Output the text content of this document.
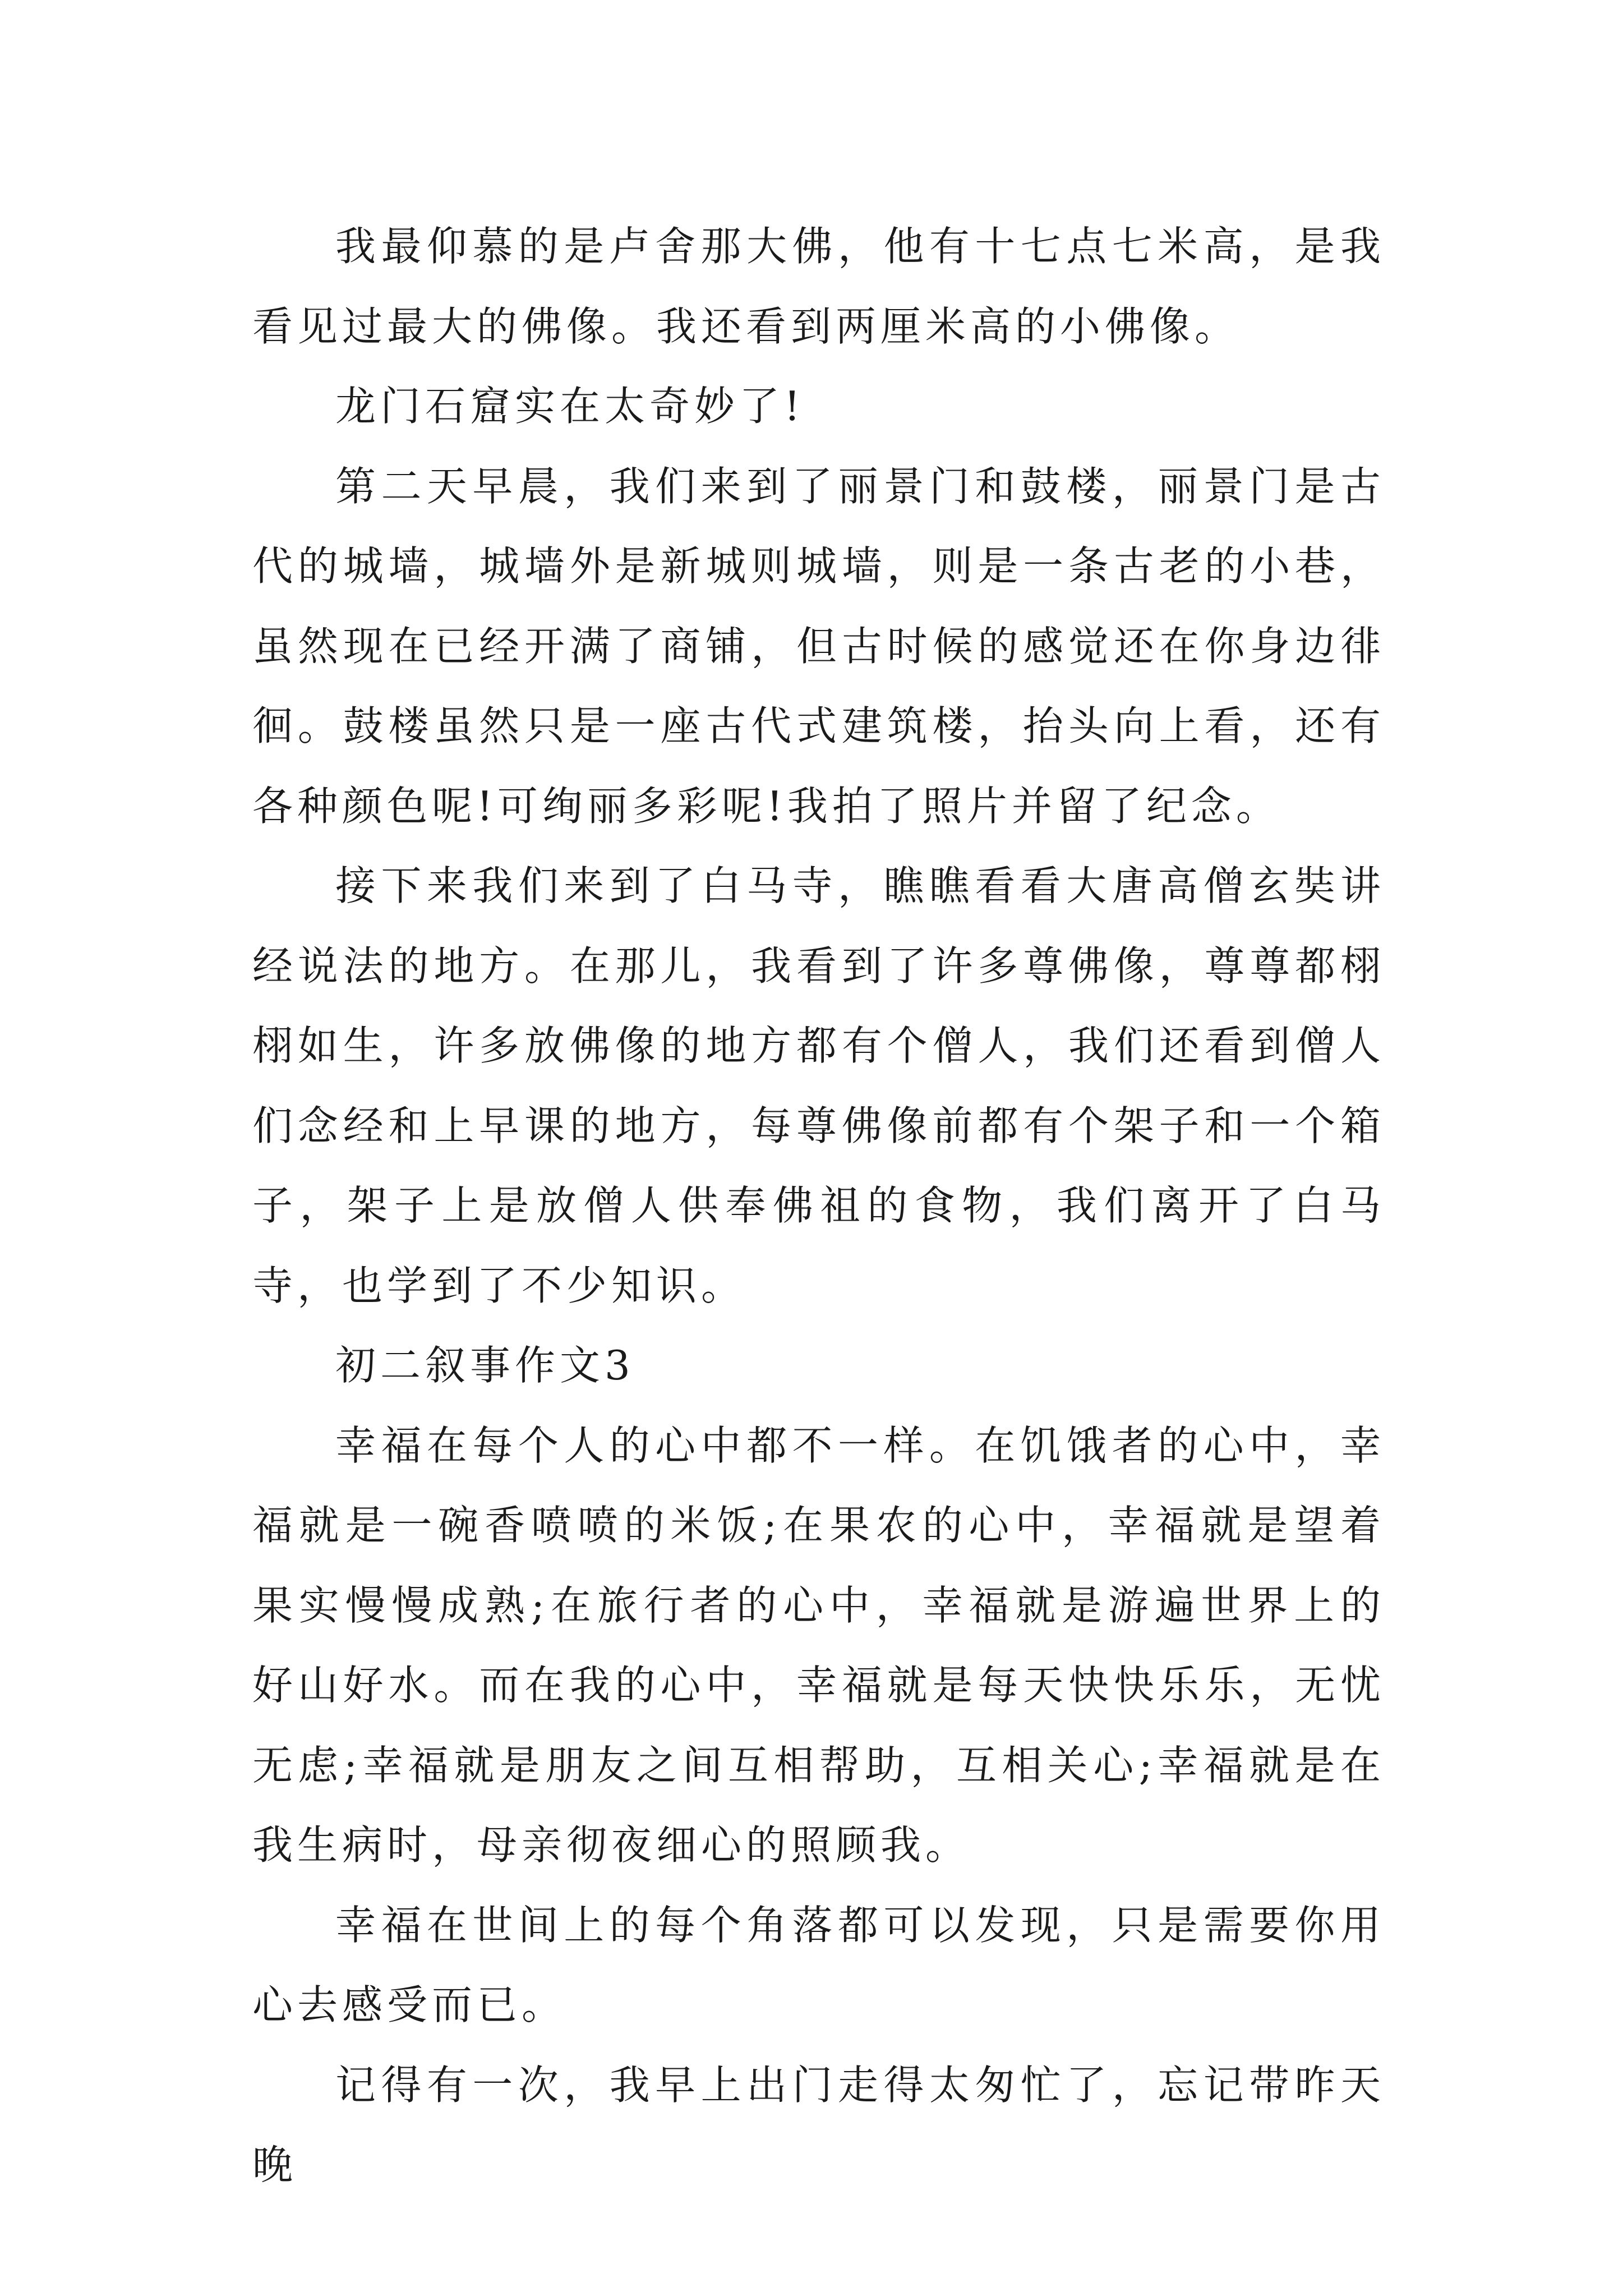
我最仰慕的是卢舍那大佛，他有十七点七米高，是我看见过最大的佛像。我还看到两厘米高的小佛像。

龙门石窟实在太奇妙了!

第二天早晨，我们来到了丽景门和鼓楼，丽景门是古代的城墙，城墙外是新城则城墙，则是一条古老的小巷，虽然现在已经开满了商铺，但古时候的感觉还在你身边徘徊。鼓楼虽然只是一座古代式建筑楼，抬头向上看，还有各种颜色呢!可绚丽多彩呢!我拍了照片并留了纪念。

接下来我们来到了白马寺，瞧瞧看看大唐高僧玄奘讲经说法的地方。在那儿，我看到了许多尊佛像，尊尊都栩栩如生，许多放佛像的地方都有个僧人，我们还看到僧人们念经和上早课的地方，每尊佛像前都有个架子和一个箱子，架子上是放僧人供奉佛祖的食物，我们离开了白马寺，也学到了不少知识。

初二叙事作文3

幸福在每个人的心中都不一样。在饥饿者的心中，幸福就是一碗香喷喷的米饭;在果农的心中，幸福就是望着果实慢慢成熟;在旅行者的心中，幸福就是游遍世界上的好山好水。而在我的心中，幸福就是每天快快乐乐，无忧无虑;幸福就是朋友之间互相帮助，互相关心;幸福就是在我生病时，母亲彻夜细心的照顾我。

幸福在世间上的每个角落都可以发现，只是需要你用心去感受而已。

记得有一次，我早上出门走得太匆忙了，忘记带昨天晚
